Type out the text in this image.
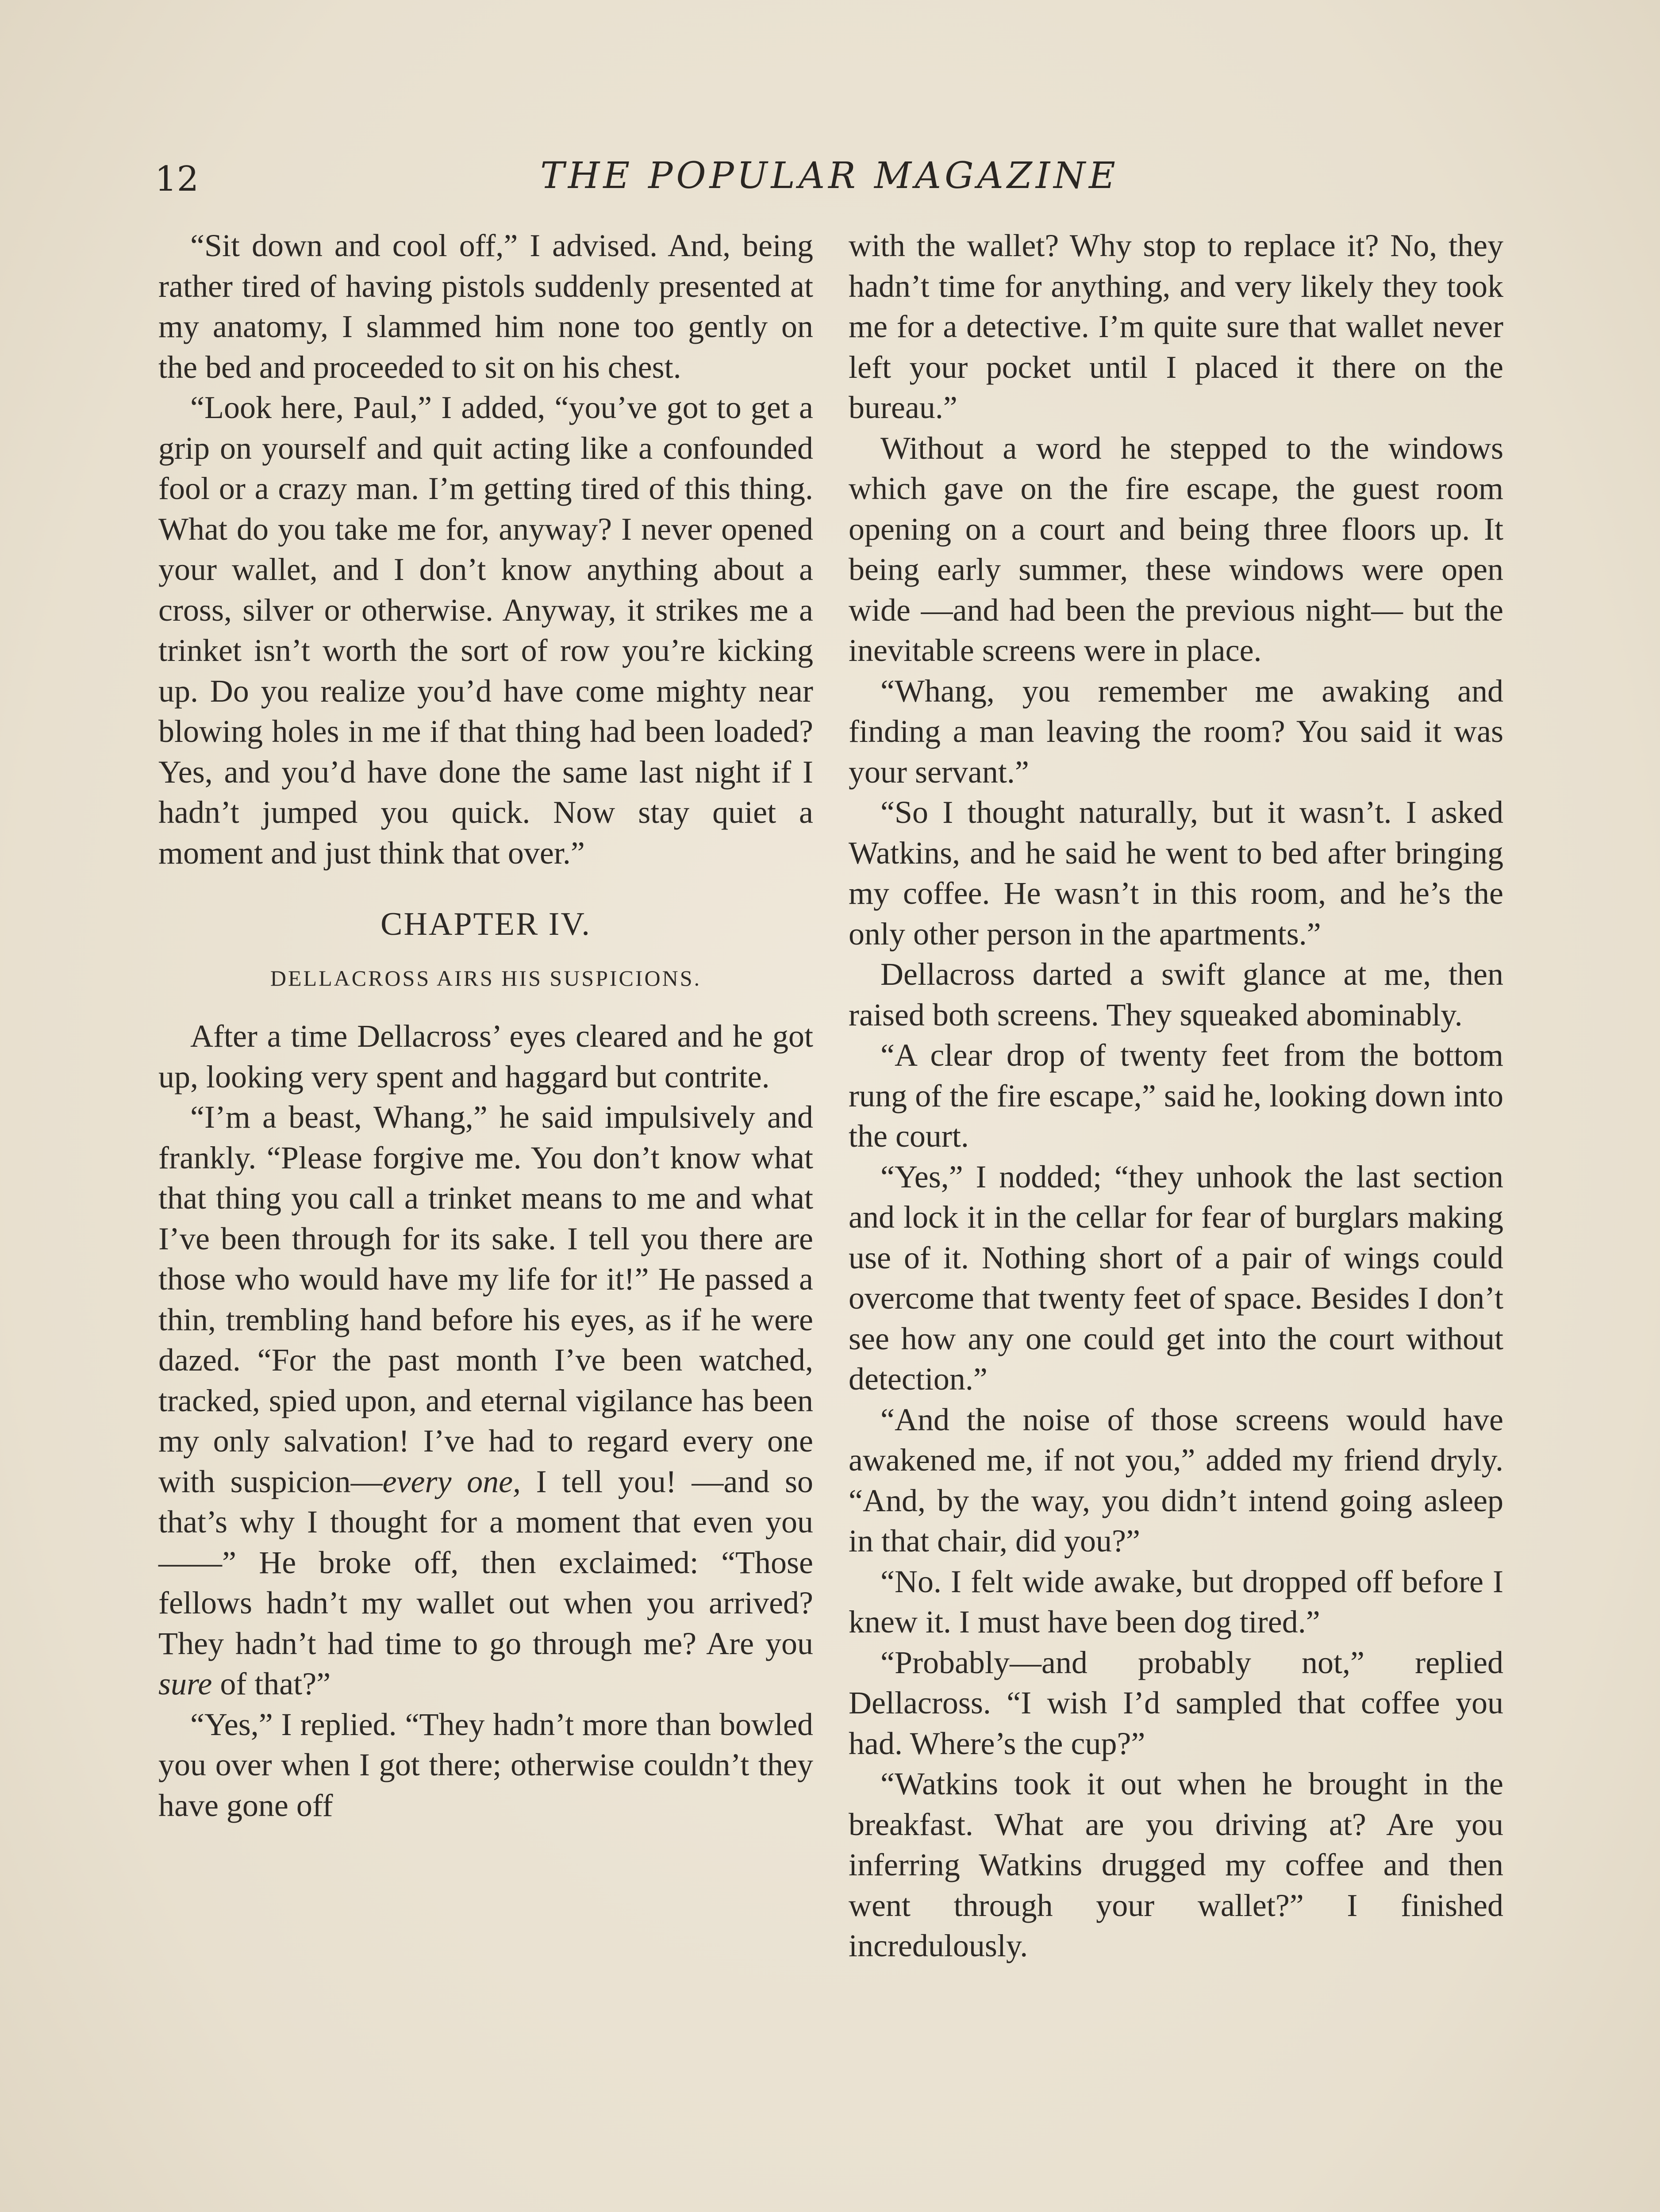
12	THE POPULAR MAGAZINE

“Sit down and cool off,” I advised. And, being rather tired of having pistols suddenly presented at my anatomy, I slammed him none too gently on the bed and proceeded to sit on his chest.

“Look here, Paul,” I added, “you’ve got to get a grip on yourself and quit acting like a confounded fool or a crazy man. I’m getting tired of this thing. What do you take me for, anyway? I never opened your wallet, and I don’t know anything about a cross, silver or otherwise. Anyway, it strikes me a trinket isn’t worth the sort of row you’re kicking up. Do you realize you’d have come mighty near blowing holes in me if that thing had been loaded? Yes, and you’d have done the same last night if I hadn’t jumped you quick. Now stay quiet a moment and just think that over.”

CHAPTER IV.

DELLACROSS AIRS HIS SUSPICIONS.

After a time Dellacross’ eyes cleared and he got up, looking very spent and haggard but contrite.

“I’m a beast, Whang,” he said impulsively and frankly. “Please forgive me. You don’t know what that thing you call a trinket means to me and what I’ve been through for its sake. I tell you there are those who would have my life for it!” He passed a thin, trembling hand before his eyes, as if he were dazed. “For the past month I’ve been watched, tracked, spied upon, and eternal vigilance has been my only salvation! I’ve had to regard every one with suspicion—every one, I tell you! —and so that’s why I thought for a moment that even you——” He broke off, then exclaimed: “Those fellows hadn’t my wallet out when you arrived? They hadn’t had time to go through me? Are you sure of that?”

“Yes,” I replied. “They hadn’t more than bowled you over when I got there; otherwise couldn’t they have gone off

with the wallet? Why stop to replace it? No, they hadn’t time for anything, and very likely they took me for a detective. I’m quite sure that wallet never left your pocket until I placed it there on the bureau.”

Without a word he stepped to the windows which gave on the fire escape, the guest room opening on a court and being three floors up. It being early summer, these windows were open wide —and had been the previous night— but the inevitable screens were in place.

“Whang, you remember me awaking and finding a man leaving the room? You said it was your servant.”

“So I thought naturally, but it wasn’t. I asked Watkins, and he said he went to bed after bringing my coffee. He wasn’t in this room, and he’s the only other person in the apartments.”

Dellacross darted a swift glance at me, then raised both screens. They squeaked abominably.

“A clear drop of twenty feet from the bottom rung of the fire escape,” said he, looking down into the court.

“Yes,” I nodded; “they unhook the last section and lock it in the cellar for fear of burglars making use of it. Nothing short of a pair of wings could overcome that twenty feet of space. Besides I don’t see how any one could get into the court without detection.”

“And the noise of those screens would have awakened me, if not you,” added my friend dryly. “And, by the way, you didn’t intend going asleep in that chair, did you?”

“No. I felt wide awake, but dropped off before I knew it. I must have been dog tired.”

“Probably—and probably not,” replied Dellacross. “I wish I’d sampled that coffee you had. Where’s the cup?”

“Watkins took it out when he brought in the breakfast. What are you driving at? Are you inferring Watkins drugged my coffee and then went through your wallet?” I finished incredulously.
